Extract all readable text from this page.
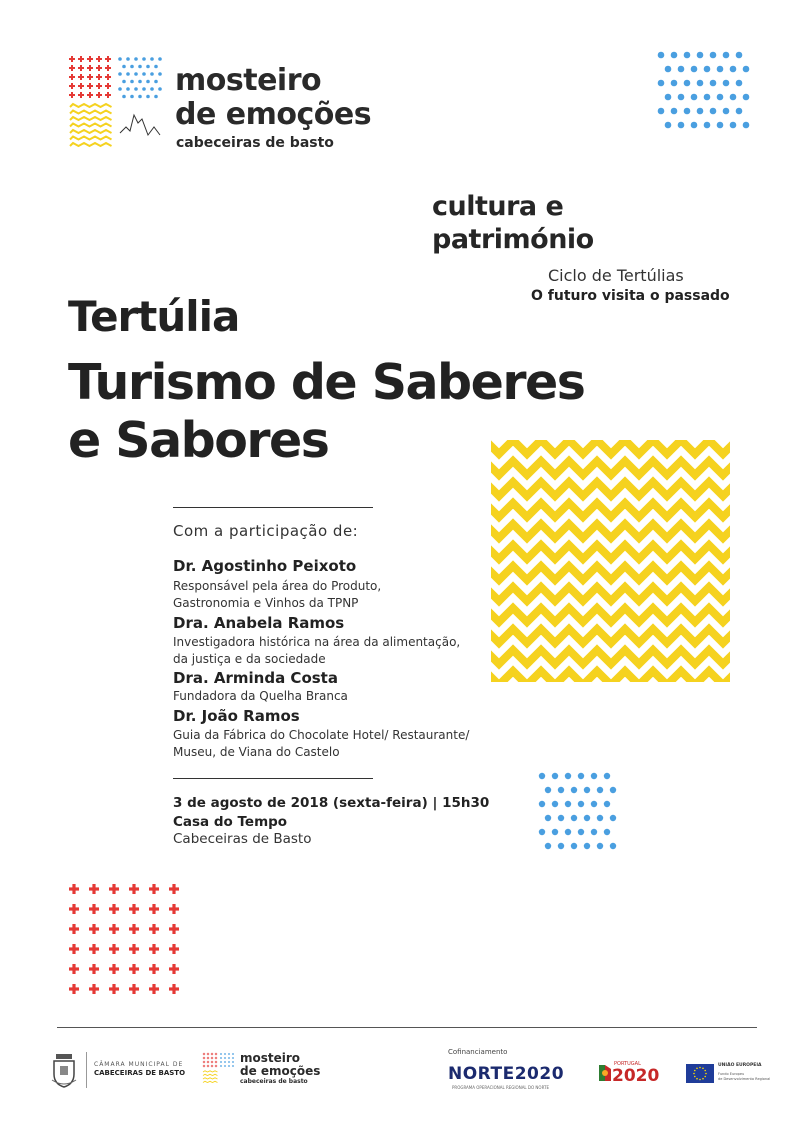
mosteiro
de emoções
cabeceiras de basto
cultura e
património
Ciclo de Tertúlias
O futuro visita o passado
Tertúlia
Turismo de Saberes
e Sabores
Com a participação de:
Dr. Agostinho Peixoto
Responsável pela área do Produto,
Gastronomia e Vinhos da TPNP
Dra. Anabela Ramos
Investigadora histórica na área da alimentação,
da justiça e da sociedade
Dra. Arminda Costa
Fundadora da Quelha Branca
Dr. João Ramos
Guia da Fábrica do Chocolate Hotel/ Restaurante/
Museu, de Viana do Castelo
3 de agosto de 2018 (sexta-feira) | 15h30
Casa do Tempo
Cabeceiras de Basto
CÂMARA MUNICIPAL DE
CABECEIRAS DE BASTO
mosteiro
de emoções
cabeceiras de basto
Cofinanciamento
NORTE2020
PROGRAMA OPERACIONAL REGIONAL DO NORTE
PORTUGAL
2020
UNIÃO EUROPEIA
Fundo Europeu
de Desenvolvimento Regional
